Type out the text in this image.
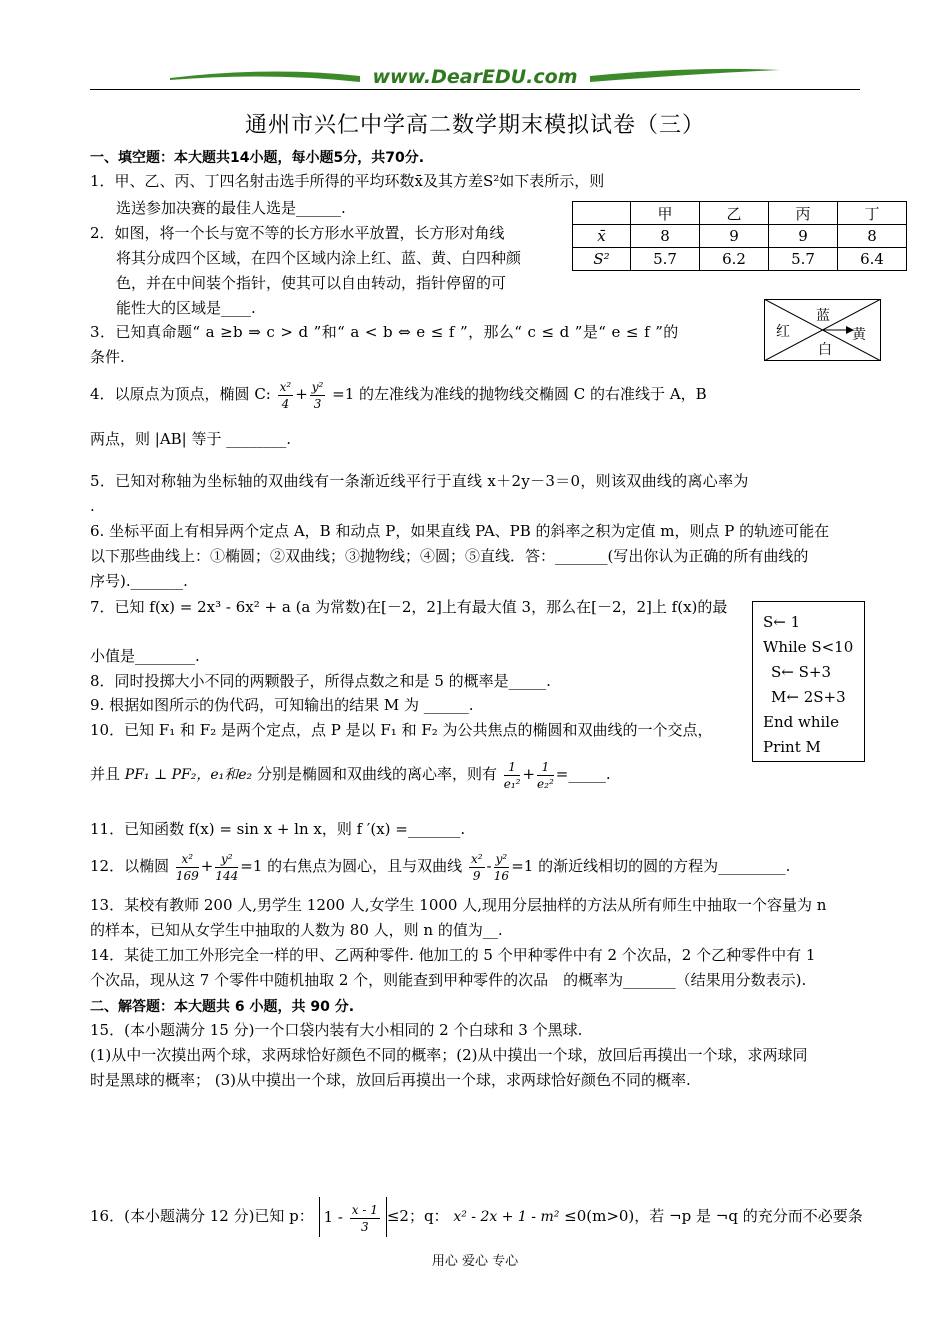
www.DearEDU.com
通州市兴仁中学高二数学期末模拟试卷（三）
一、填空题：本大题共14小题，每小题5分，共70分.
1．甲、乙、丙、丁四名射击选手所得的平均环数x̄及其方差S²如下表所示，则
选送参加决赛的最佳人选是______.
		甲	乙	丙	丁
x̄	8	9	9	8
S²	5.7	6.2	5.7	6.4
2．如图，将一个长与宽不等的长方形水平放置，长方形对角线
将其分成四个区域，在四个区域内涂上红、蓝、黄、白四种颜
色，并在中间装个指针，使其可以自由转动，指针停留的可
能性大的区域是____.	蓝
红	黄
白
3．已知真命题“ a ≥b ⇒ c > d ”和“ a < b ⇔ e ≤ f ”，那么“ c ≤ d ”是“ e ≤ f ”的
条件.
4．以原点为顶点，椭圆 C: $\frac{\text{x²}}{4} + \frac{\text{y²}}{3} =1$ 的左准线为准线的抛物线交椭圆 C 的右准线于 A，B
两点，则 |AB| 等于 ________.
5．已知对称轴为坐标轴的双曲线有一条渐近线平行于直线 x＋2y－3＝0，则该双曲线的离心率为
.
6. 坐标平面上有相异两个定点 A，B 和动点 P，如果直线 PA、PB 的斜率之积为定值 m，则点 P 的轨迹可能在
以下那些曲线上：①椭圆；②双曲线；③抛物线；④圆；⑤直线．答：_______(写出你认为正确的所有曲线的
序号)._______.
7．已知 f(x) = 2x³ - 6x² + a (a 为常数)在[－2，2]上有最大值 3，那么在[－2，2]上 f(x)的最
小值是________.
S← 1
While S<10
S← S+3
M← 2S+3
End while
Print M
8．同时投掷大小不同的两颗骰子，所得点数之和是 5 的概率是_____.
9. 根据如图所示的伪代码，可知输出的结果 M 为 ______.
10．已知 F₁ 和 F₂ 是两个定点，点 P 是以 F₁ 和 F₂ 为公共焦点的椭圆和双曲线的一个交点，
并且 PF₁ ⊥ PF₂，e₁和e₂ 分别是椭圆和双曲线的离心率，则有 $\frac{1}{\text{e₁²}} + \frac{1}{\text{e₂²}}$ =_____.
11．已知函数 f(x) = sin x + ln x，则 f ′(x) =_______.
12．以椭圆 $\frac{\text{x²}}{169} + \frac{\text{y²}}{144} =1$ 的右焦点为圆心，且与双曲线 $\frac{\text{x²}}{9} - \frac{\text{y²}}{16} =1$ 的渐近线相切的圆的方程为_________.
13．某校有教师 200 人,男学生 1200 人,女学生 1000 人,现用分层抽样的方法从所有师生中抽取一个容量为 n
的样本，已知从女学生中抽取的人数为 80 人，则 n 的值为__.
14．某徒工加工外形完全一样的甲、乙两种零件. 他加工的 5 个甲种零件中有 2 个次品，2 个乙种零件中有 1
个次品，现从这 7 个零件中随机抽取 2 个，则能查到甲种零件的次品　的概率为_______（结果用分数表示).
二、解答题：本大题共 6 小题，共 90 分.
15．(本小题满分 15 分)一个口袋内装有大小相同的 2 个白球和 3 个黑球.
(1)从中一次摸出两个球，求两球恰好颜色不同的概率；(2)从中摸出一个球，放回后再摸出一个球，求两球同
时是黑球的概率； (3)从中摸出一个球，放回后再摸出一个球，求两球恰好颜色不同的概率.
16．(本小题满分 12 分)已知 p： $1 - \frac{x - 1}{3} \le 2$；q： x² - 2x + 1 - m² ≤0(m>0)，若 ¬p 是 ¬q 的充分而不必要条
用心 爱心 专心
